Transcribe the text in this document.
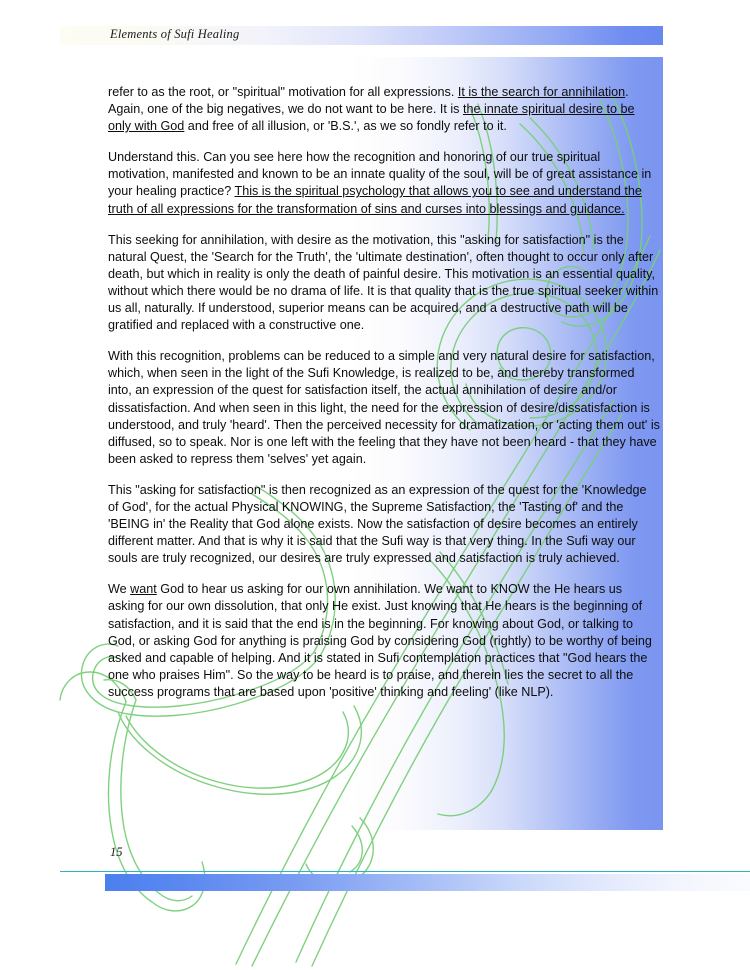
Elements of Sufi Healing

refer to as the root, or "spiritual" motivation for all expressions. It is the search for annihilation. Again, one of the big negatives, we do not want to be here. It is the innate spiritual desire to be only with God and free of all illusion, or 'B.S.', as we so fondly refer to it.

Understand this. Can you see here how the recognition and honoring of our true spiritual motivation, manifested and known to be an innate quality of the soul, will be of great assistance in your healing practice? This is the spiritual psychology that allows you to see and understand the truth of all expressions for the transformation of sins and curses into blessings and guidance.

This seeking for annihilation, with desire as the motivation, this "asking for satisfaction" is the natural Quest, the 'Search for the Truth', the 'ultimate destination', often thought to occur only after death, but which in reality is only the death of painful desire. This motivation is an essential quality, without which there would be no drama of life. It is that quality that is the true spiritual seeker within us all, naturally. If understood, superior means can be acquired, and a destructive path will be gratified and replaced with a constructive one.

With this recognition, problems can be reduced to a simple and very natural desire for satisfaction, which, when seen in the light of the Sufi Knowledge, is realized to be, and thereby transformed into, an expression of the quest for satisfaction itself, the actual annihilation of desire and/or dissatisfaction. And when seen in this light, the need for the expression of desire/dissatisfaction is understood, and truly 'heard'. Then the perceived necessity for dramatization, or 'acting them out' is diffused, so to speak. Nor is one left with the feeling that they have not been heard - that they have been asked to repress them 'selves' yet again.

This "asking for satisfaction" is then recognized as an expression of the quest for the 'Knowledge of God', for the actual Physical KNOWING, the Supreme Satisfaction, the 'Tasting of' and the 'BEING in' the Reality that God alone exists. Now the satisfaction of desire becomes an entirely different matter. And that is why it is said that the Sufi way is that very thing. In the Sufi way our souls are truly recognized, our desires are truly expressed and satisfaction is truly achieved.

We want God to hear us asking for our own annihilation. We want to KNOW the He hears us asking for our own dissolution, that only He exist. Just knowing that He hears is the beginning of satisfaction, and it is said that the end is in the beginning. For knowing about God, or talking to God, or asking God for anything is praising God by considering God (rightly) to be worthy of being asked and capable of helping. And it is stated in Sufi contemplation practices that "God hears the one who praises Him". So the way to be heard is to praise, and therein lies the secret to all the success programs that are based upon 'positive' thinking and feeling' (like NLP).

15
